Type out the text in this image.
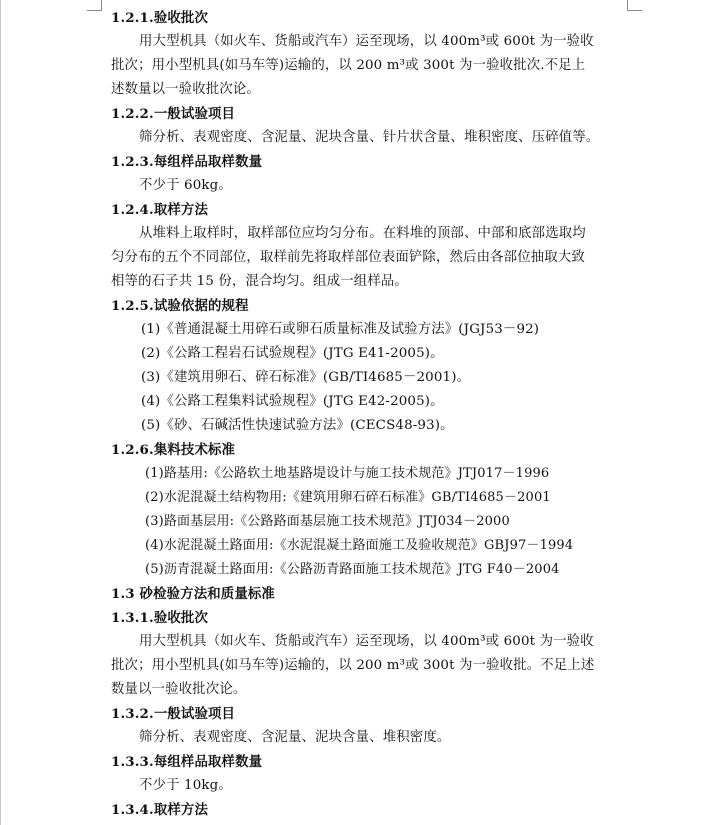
1.2.1.验收批次
用大型机具（如火车、货船或汽车）运至现场，以 400m³或 600t 为一验收
批次；用小型机具(如马车等)运输的，以 200 m³或 300t 为一验收批次.不足上
述数量以一验收批次论。
1.2.2.一般试验项目
筛分析、表观密度、含泥量、泥块含量、针片状含量、堆积密度、压碎值等。
1.2.3.每组样品取样数量
不少于 60kg。
1.2.4.取样方法
从堆料上取样时，取样部位应均匀分布。在料堆的顶部、中部和底部选取均
匀分布的五个不同部位，取样前先将取样部位表面铲除，然后由各部位抽取大致
相等的石子共 15 份，混合均匀。组成一组样品。
1.2.5.试验依据的规程
(1)《普通混凝土用碎石或卵石质量标准及试验方法》(JGJ53－92)
(2)《公路工程岩石试验规程》(JTG E41-2005)。
(3)《建筑用卵石、碎石标准》(GB/TI4685－2001)。
(4)《公路工程集料试验规程》(JTG E42-2005)。
(5)《砂、石碱活性快速试验方法》(CECS48-93)。
1.2.6.集料技术标准
(1)路基用:《公路软土地基路堤设计与施工技术规范》JTJ017－1996
(2)水泥混凝土结构物用:《建筑用卵石碎石标准》GB/TI4685－2001
(3)路面基层用:《公路路面基层施工技术规范》JTJ034－2000
(4)水泥混凝土路面用:《水泥混凝土路面施工及验收规范》GBJ97－1994
(5)沥青混凝土路面用:《公路沥青路面施工技术规范》JTG F40－2004
1.3 砂检验方法和质量标准
1.3.1.验收批次
用大型机具（如火车、货船或汽车）运至现场，以 400m³或 600t 为一验收
批次；用小型机具(如马车等)运输的，以 200 m³或 300t 为一验收批。不足上述
数量以一验收批次论。
1.3.2.一般试验项目
筛分析、表观密度、含泥量、泥块含量、堆积密度。
1.3.3.每组样品取样数量
不少于 10kg。
1.3.4.取样方法
